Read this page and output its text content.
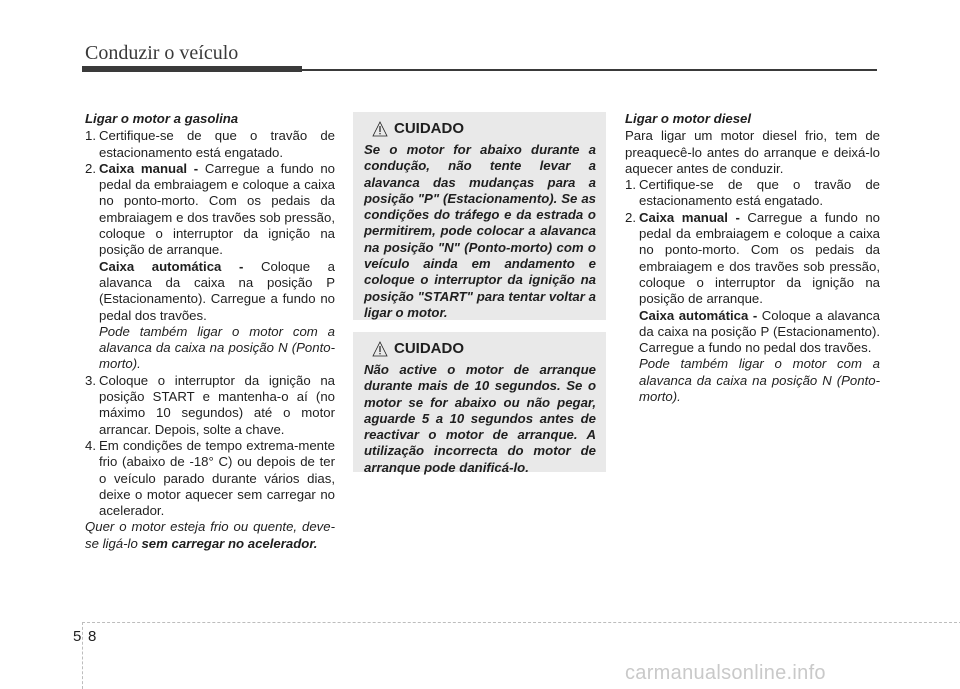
Conduzir o veículo

Ligar o motor a gasolina

1. Certifique-se de que o travão de estacionamento está engatado.

2. Caixa manual - Carregue a fundo no pedal da embraiagem e coloque a caixa no ponto-morto. Com os pedais da embraiagem e dos travões sob pressão, coloque o interruptor da ignição na posição de arranque.

Caixa automática - Coloque a alavanca da caixa na posição P (Estacionamento). Carregue a fundo no pedal dos travões.

Pode também ligar o motor com a alavanca da caixa na posição N (Ponto-morto).

3. Coloque o interruptor da ignição na posição START e mantenha-o aí (no máximo 10 segundos) até o motor arrancar. Depois, solte a chave.

4. Em condições de tempo extrema-mente frio (abaixo de -18° C) ou depois de ter o veículo parado durante vários dias, deixe o motor aquecer sem carregar no acelerador.

Quer o motor esteja frio ou quente, deve-se ligá-lo sem carregar no acelerador.

CUIDADO

Se o motor for abaixo durante a condução, não tente levar a alavanca das mudanças para a posição "P" (Estacionamento). Se as condições do tráfego e da estrada o permitirem, pode colocar a alavanca na posição "N" (Ponto-morto) com o veículo ainda em andamento e coloque o interruptor da ignição na posição "START" para tentar voltar a ligar o motor.

CUIDADO

Não active o motor de arranque durante mais de 10 segundos. Se o motor se for abaixo ou não pegar, aguarde 5 a 10 segundos antes de reactivar o motor de arranque. A utilização incorrecta do motor de arranque pode danificá-lo.

Ligar o motor diesel

Para ligar um motor diesel frio, tem de preaquecê-lo antes do arranque e deixá-lo aquecer antes de conduzir.

1. Certifique-se de que o travão de estacionamento está engatado.

2. Caixa manual - Carregue a fundo no pedal da embraiagem e coloque a caixa no ponto-morto. Com os pedais da embraiagem e dos travões sob pressão, coloque o interruptor da ignição na posição de arranque.

Caixa automática - Coloque a alavanca da caixa na posição P (Estacionamento). Carregue a fundo no pedal dos travões.

Pode também ligar o motor com a alavanca da caixa na posição N (Ponto-morto).

5 8
carmanualsonline.info
